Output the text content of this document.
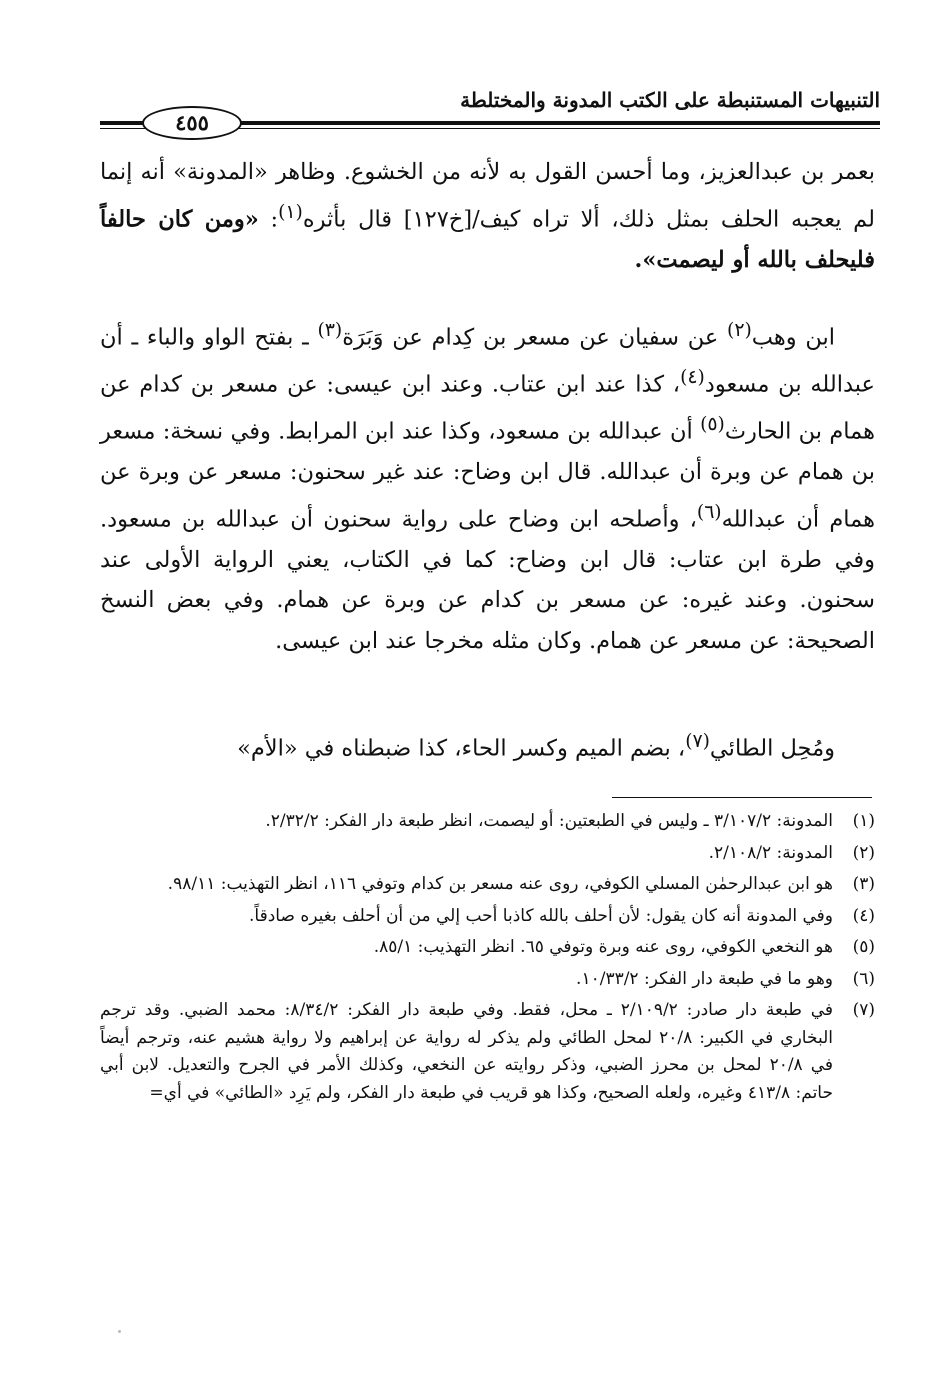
التنبيهات المستنبطة على الكتب المدونة والمختلطة
٤٥٥

بعمر بن عبدالعزيز، وما أحسن القول به لأنه من الخشوع. وظاهر «المدونة» أنه إنما لم يعجبه الحلف بمثل ذلك، ألا تراه كيف/[خ١٢٧] قال بأثره$^{(١)}$: «ومن كان حالفاً فليحلف بالله أو ليصمت».

ابن وهب$^{(٢)}$ عن سفيان عن مسعر بن كِدام عن وَبَرَة$^{(٣)}$ ـ بفتح الواو والباء ـ أن عبدالله بن مسعود$^{(٤)}$، كذا عند ابن عتاب. وعند ابن عيسى: عن مسعر بن كدام عن همام بن الحارث$^{(٥)}$ أن عبدالله بن مسعود، وكذا عند ابن المرابط. وفي نسخة: مسعر بن همام عن وبرة أن عبدالله. قال ابن وضاح: عند غير سحنون: مسعر عن وبرة عن همام أن عبدالله$^{(٦)}$، وأصلحه ابن وضاح على رواية سحنون أن عبدالله بن مسعود. وفي طرة ابن عتاب: قال ابن وضاح: كما في الكتاب، يعني الرواية الأولى عند سحنون. وعند غيره: عن مسعر بن كدام عن وبرة عن همام. وفي بعض النسخ الصحيحة: عن مسعر عن همام. وكان مثله مخرجا عند ابن عيسى.

ومُحِل الطائي$^{(٧)}$، بضم الميم وكسر الحاء، كذا ضبطناه في «الأم»

(١)
المدونة: ٣/١٠٧/٢ ـ وليس في الطبعتين: أو ليصمت، انظر طبعة دار الفكر: ٢/٣٢/٢.
(٢)
المدونة: ٢/١٠٨/٢.
(٣)
هو ابن عبدالرحمٰن المسلي الكوفي، روى عنه مسعر بن كدام وتوفي ١١٦، انظر التهذيب: ٩٨/١١.
(٤)
وفي المدونة أنه كان يقول: لأن أحلف بالله كاذبا أحب إلي من أن أحلف بغيره صادقاً.
(٥)
هو النخعي الكوفي، روى عنه وبرة وتوفي ٦٥. انظر التهذيب: ٨٥/١.
(٦)
وهو ما في طبعة دار الفكر: ١٠/٣٣/٢.
(٧)
في طبعة دار صادر: ٢/١٠٩/٢ ـ محل، فقط. وفي طبعة دار الفكر: ٨/٣٤/٢: محمد الضبي. وقد ترجم البخاري في الكبير: ٢٠/٨ لمحل الطائي ولم يذكر له رواية عن إبراهيم ولا رواية هشيم عنه، وترجم أيضاً في ٢٠/٨ لمحل بن محرز الضبي، وذكر روايته عن النخعي، وكذلك الأمر في الجرح والتعديل. لابن أبي حاتم: ٤١٣/٨ وغيره، ولعله الصحيح، وكذا هو قريب في طبعة دار الفكر، ولم يَرِد «الطائي» في أي=
